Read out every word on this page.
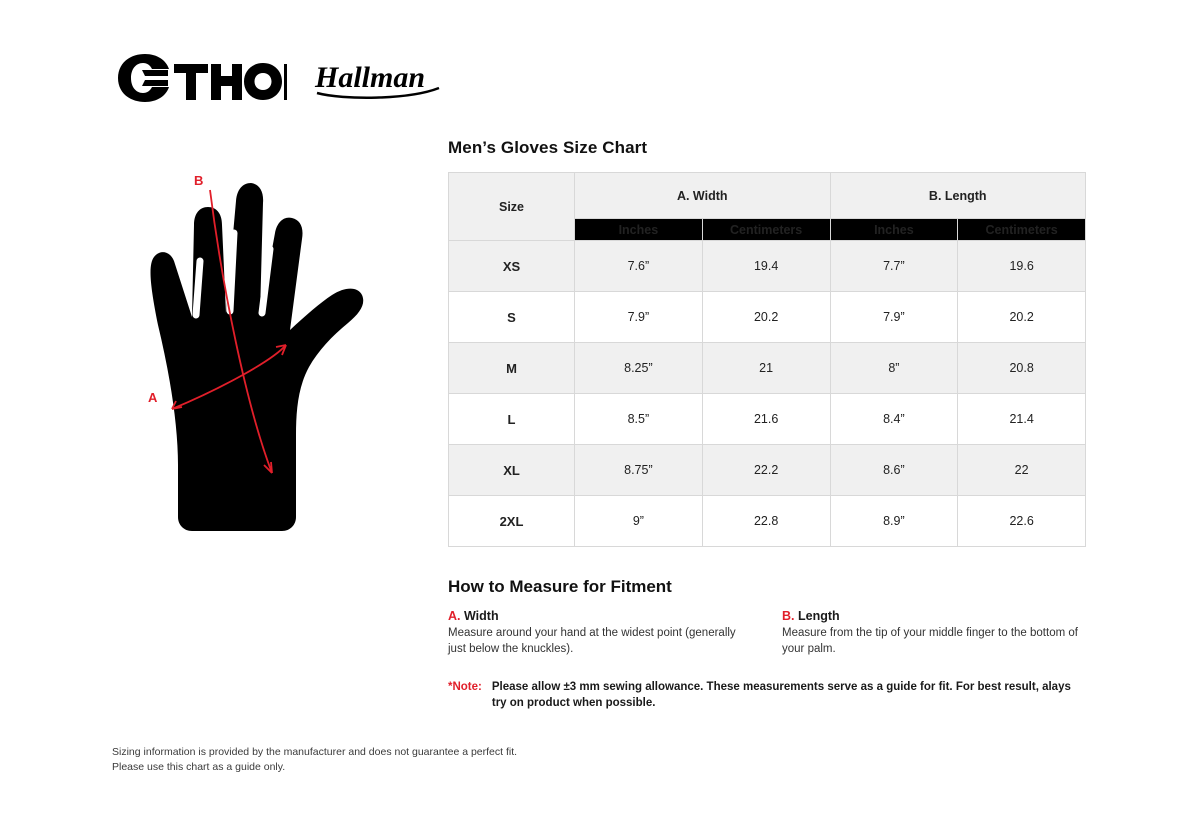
Hallman
B
A
Men’s Gloves Size Chart
Size	A. Width		B. Length	
	Inches	Centimeters	Inches	Centimeters
XS	7.6”	19.4	7.7”	19.6
S	7.9”	20.2	7.9”	20.2
M	8.25”	21	8”	20.8
L	8.5”	21.6	8.4”	21.4
XL	8.75”	22.2	8.6”	22
2XL	9”	22.8	8.9”	22.6
How to Measure for Fitment
A. Width
Measure around your hand at the widest point (generally just below the knuckles).
B. Length
Measure from the tip of your middle finger to the bottom of your palm.
*Note: Please allow ±3 mm sewing allowance. These measurements serve as a guide for fit. For best result, alays try on product when possible.
Sizing information is provided by the manufacturer and does not guarantee a perfect fit.
Please use this chart as a guide only.
